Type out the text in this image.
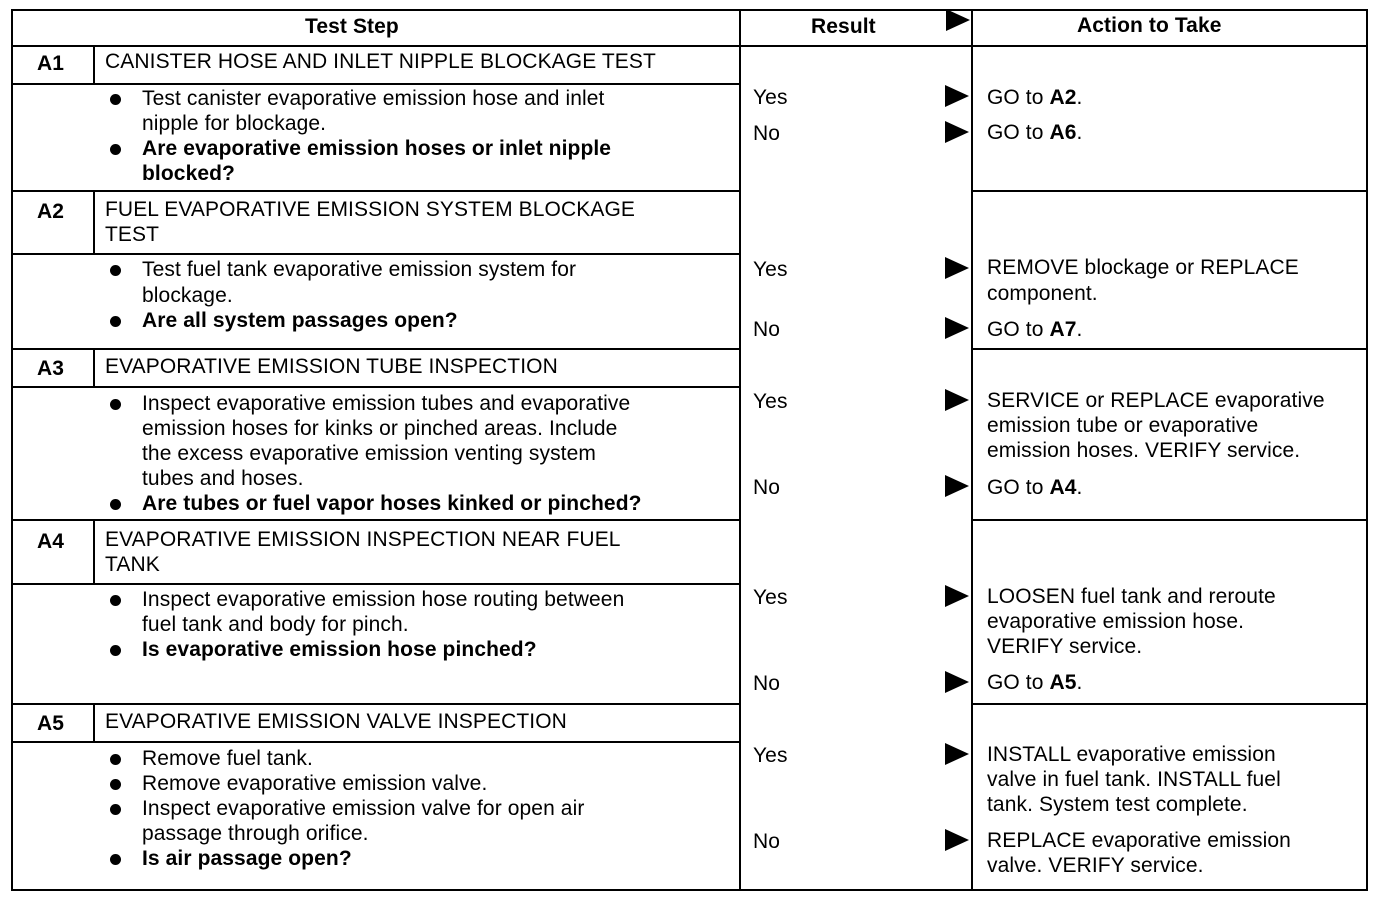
Test Step	Result	Action to Take
A1 CANISTER HOSE AND INLET NIPPLE BLOCKAGE TEST
Test canister evaporative emission hose and inlet
nipple for blockage.
Are evaporative emission hoses or inlet nipple
blocked?
Yes	GO to A2.
No	GO to A6.
A2 FUEL EVAPORATIVE EMISSION SYSTEM BLOCKAGE
TEST
Test fuel tank evaporative emission system for
blockage.
Are all system passages open?
Yes	REMOVE blockage or REPLACE
component.
No	GO to A7.
A3 EVAPORATIVE EMISSION TUBE INSPECTION
Inspect evaporative emission tubes and evaporative
emission hoses for kinks or pinched areas. Include
the excess evaporative emission venting system
tubes and hoses.
Are tubes or fuel vapor hoses kinked or pinched?
Yes	SERVICE or REPLACE evaporative
emission tube or evaporative
emission hoses. VERIFY service.
No	GO to A4.
A4 EVAPORATIVE EMISSION INSPECTION NEAR FUEL
TANK
Inspect evaporative emission hose routing between
fuel tank and body for pinch.
Is evaporative emission hose pinched?
Yes	LOOSEN fuel tank and reroute
evaporative emission hose.
VERIFY service.
No	GO to A5.
A5 EVAPORATIVE EMISSION VALVE INSPECTION
Remove fuel tank.
Remove evaporative emission valve.
Inspect evaporative emission valve for open air
passage through orifice.
Is air passage open?
Yes	INSTALL evaporative emission
valve in fuel tank. INSTALL fuel
tank. System test complete.
No	REPLACE evaporative emission
valve. VERIFY service.
